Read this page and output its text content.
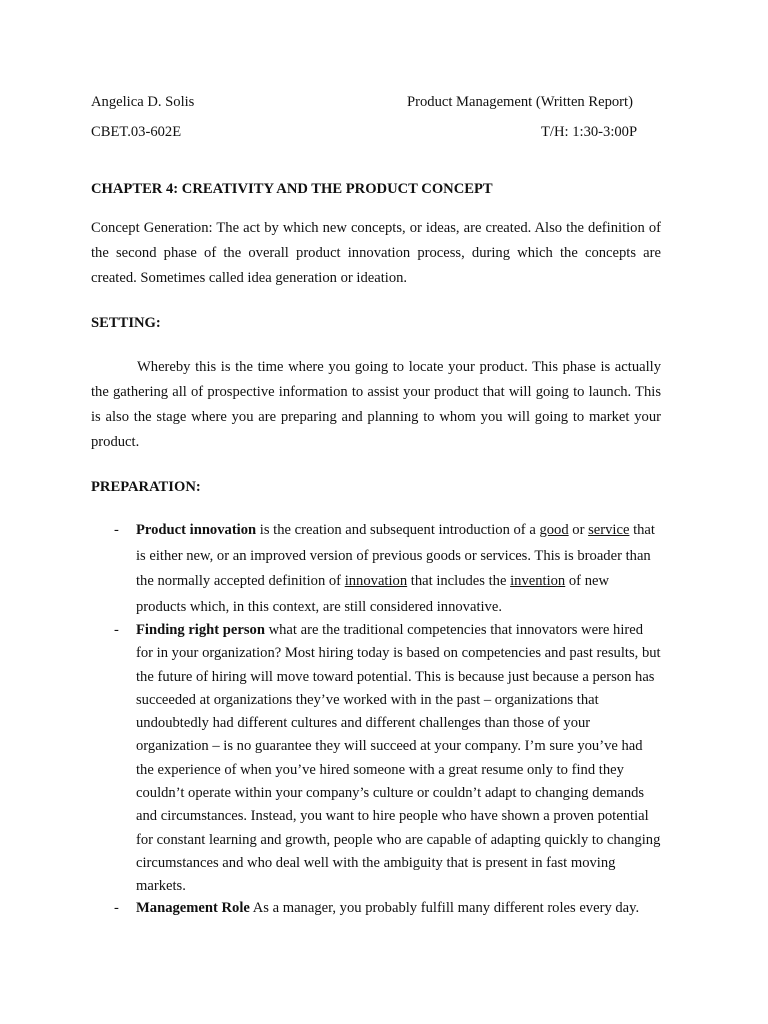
Angelica D. Solis	Product Management (Written Report)
CBET.03-602E	T/H: 1:30-3:00P
CHAPTER 4: CREATIVITY AND THE PRODUCT CONCEPT
Concept Generation: The act by which new concepts, or ideas, are created. Also the definition of the second phase of the overall product innovation process, during which the concepts are created. Sometimes called idea generation or ideation.
SETTING:
Whereby this is the time where you going to locate your product. This phase is actually the gathering all of prospective information to assist your product that will going to launch. This is also the stage where you are preparing and planning to whom you will going to market your product.
PREPARATION:
- Product innovation is the creation and subsequent introduction of a good or service that is either new, or an improved version of previous goods or services. This is broader than the normally accepted definition of innovation that includes the invention of new products which, in this context, are still considered innovative.
- Finding right person what are the traditional competencies that innovators were hired for in your organization? Most hiring today is based on competencies and past results, but the future of hiring will move toward potential. This is because just because a person has succeeded at organizations they’ve worked with in the past – organizations that undoubtedly had different cultures and different challenges than those of your organization – is no guarantee they will succeed at your company. I’m sure you’ve had the experience of when you’ve hired someone with a great resume only to find they couldn’t operate within your company’s culture or couldn’t adapt to changing demands and circumstances. Instead, you want to hire people who have shown a proven potential for constant learning and growth, people who are capable of adapting quickly to changing circumstances and who deal well with the ambiguity that is present in fast moving markets.
- Management Role As a manager, you probably fulfill many different roles every day.
